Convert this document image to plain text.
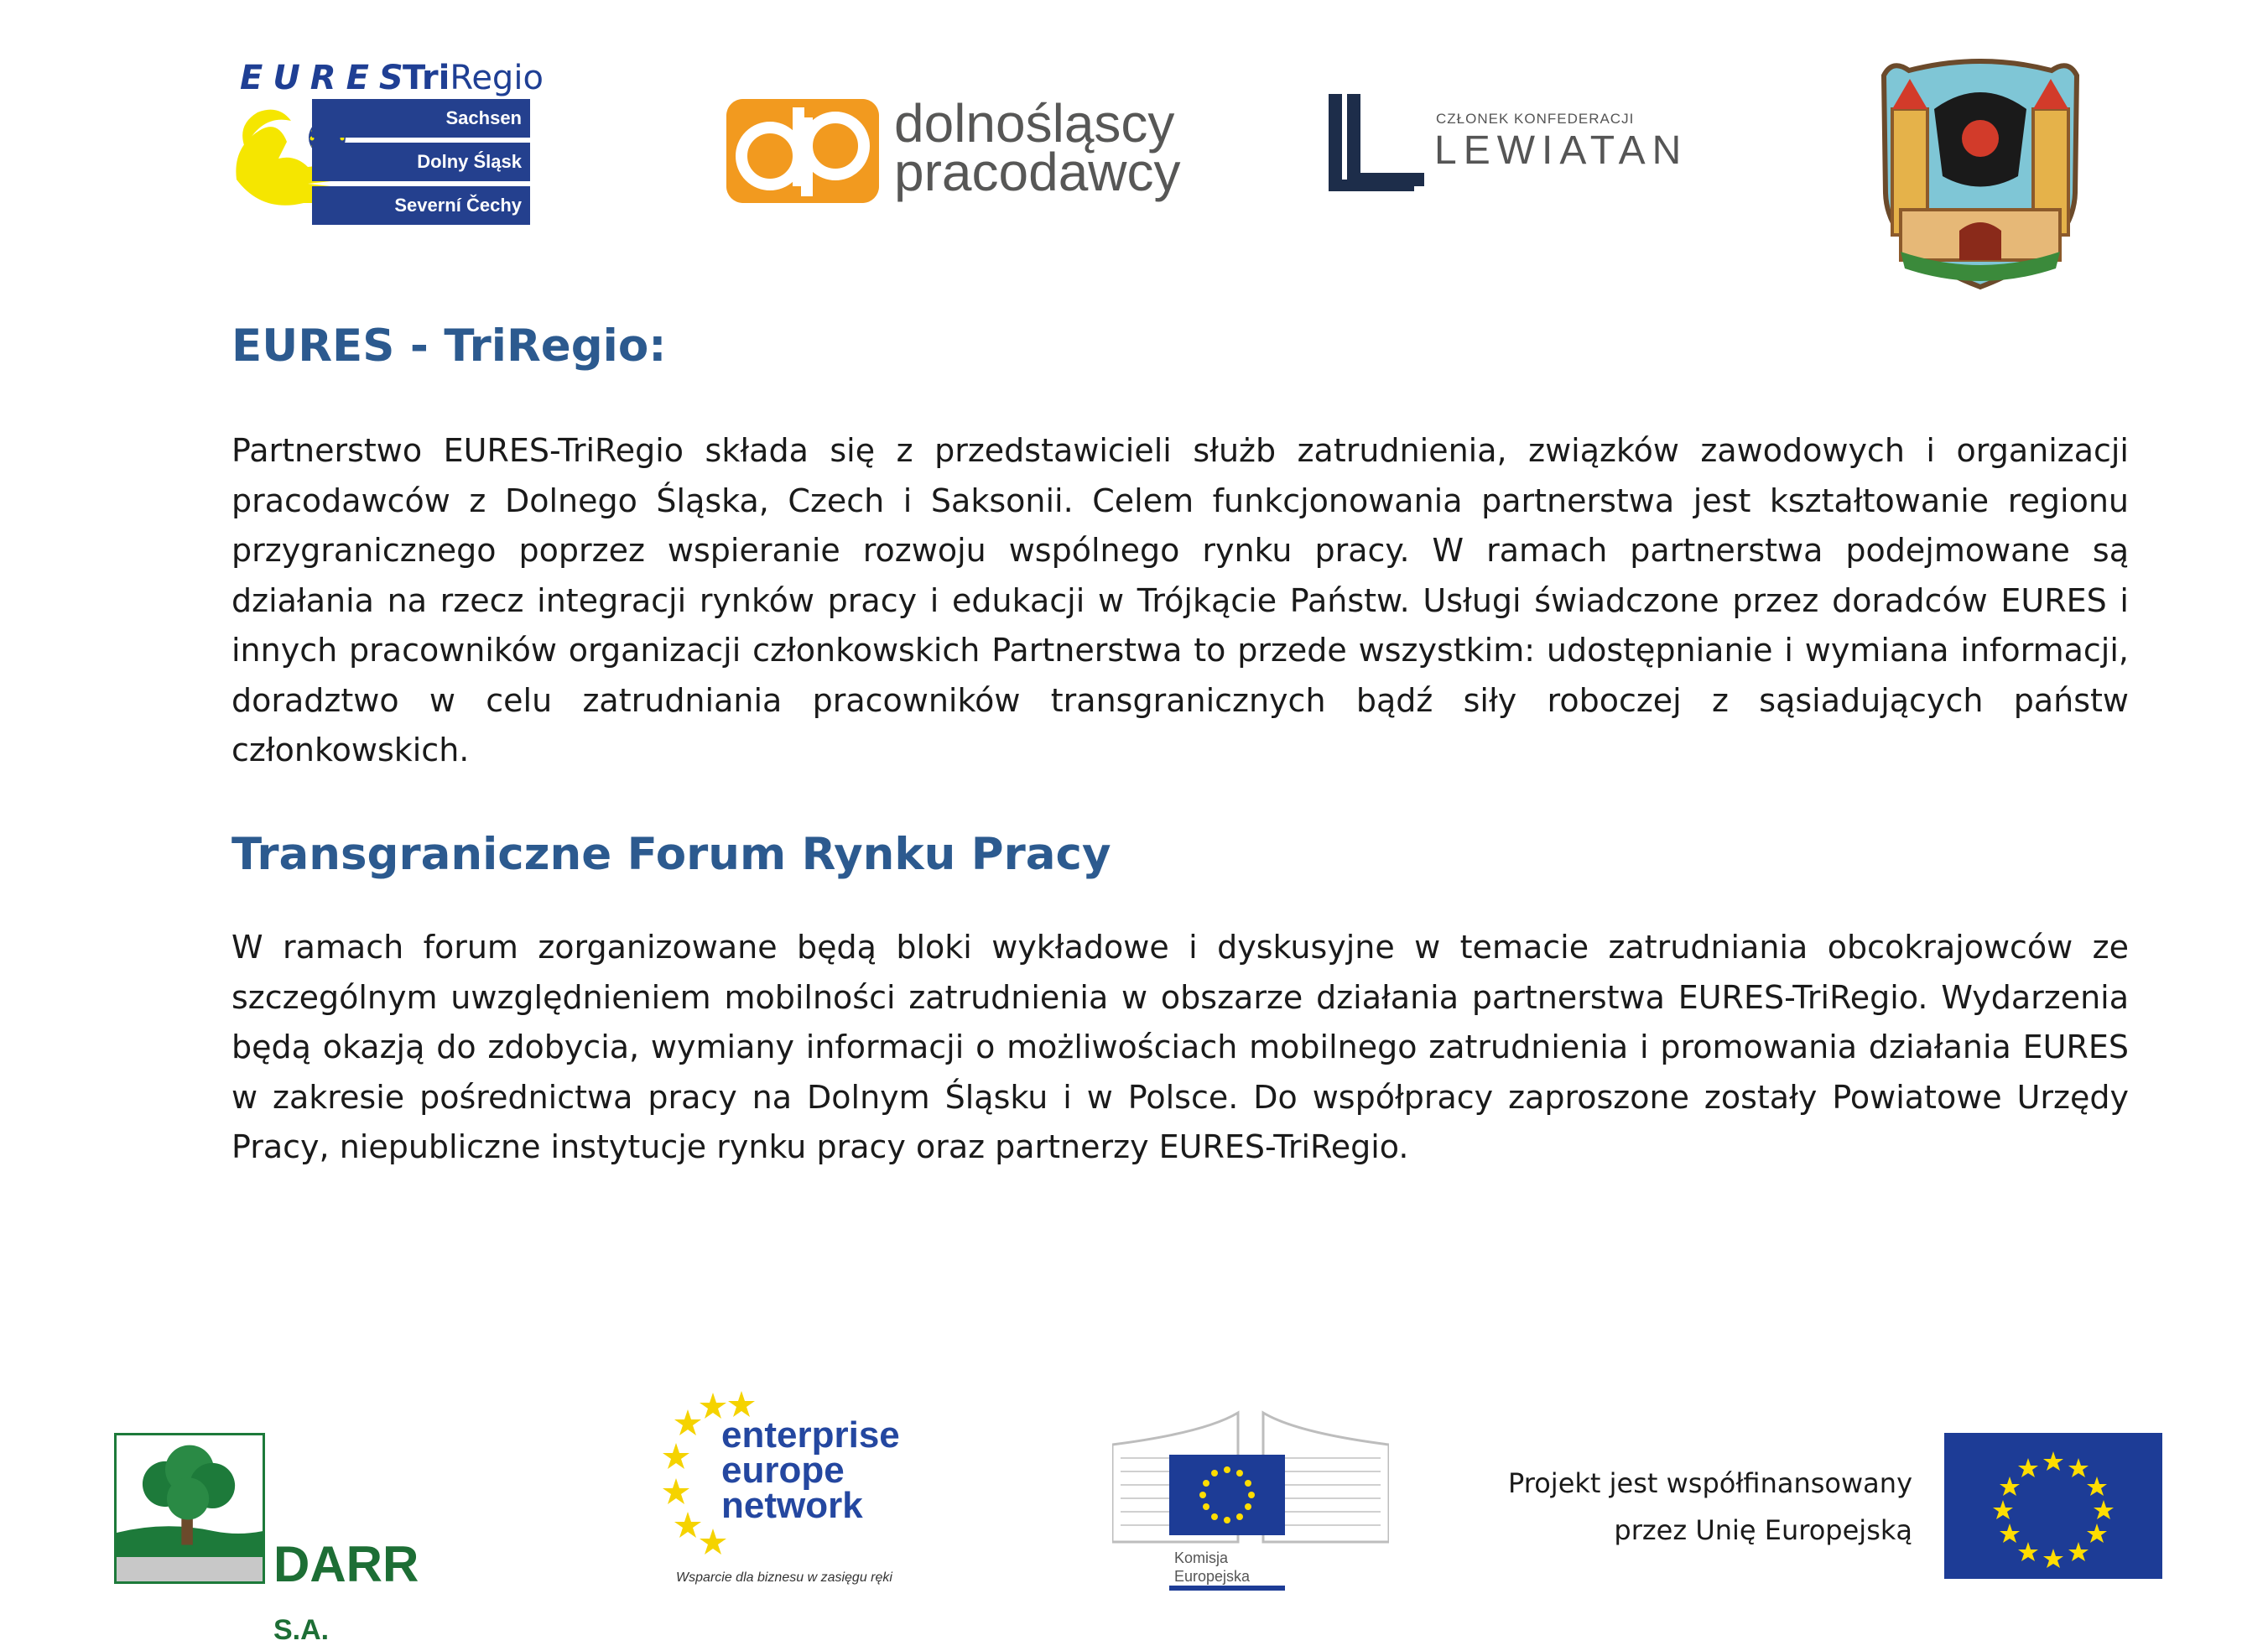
EURES
TriRegio
Sachsen
Dolny Śląsk
Severní Čechy
dolnośląscy
pracodawcy
CZŁONEK KONFEDERACJI
LEWIATAN
EURES - TriRegio:
Partnerstwo EURES-TriRegio składa się z przedstawicieli służb zatrudnienia, związków zawodowych i organizacji pracodawców z Dolnego Śląska, Czech i Saksonii. Celem funkcjonowania partnerstwa jest kształtowanie regionu przygranicznego poprzez wspieranie rozwoju wspólnego rynku pracy. W ramach partnerstwa podejmowane są działania na rzecz integracji rynków pracy i edukacji w Trójkącie Państw. Usługi świadczone przez doradców EURES i innych pracowników organizacji członkowskich Partnerstwa to przede wszystkim: udostępnianie i wymiana informacji, doradztwo w celu zatrudniania pracowników transgranicznych bądź siły roboczej z sąsiadujących państw członkowskich.
Transgraniczne Forum Rynku Pracy
W ramach forum zorganizowane będą bloki wykładowe i dyskusyjne w temacie zatrudniania obcokrajowców ze szczególnym uwzględnieniem mobilności zatrudnienia w obszarze działania partnerstwa EURES-TriRegio. Wydarzenia będą okazją do zdobycia, wymiany informacji o możliwościach mobilnego zatrudnienia i promowania działania EURES w zakresie pośrednictwa pracy na Dolnym Śląsku i w Polsce. Do współpracy zaproszone zostały Powiatowe Urzędy Pracy, niepubliczne instytucje rynku pracy oraz partnerzy EURES-TriRegio.
DARR S.A.
enterprise
europe
network
Wsparcie dla biznesu w zasięgu ręki
Komisja
Europejska
Projekt jest współfinansowany
przez Unię Europejską
